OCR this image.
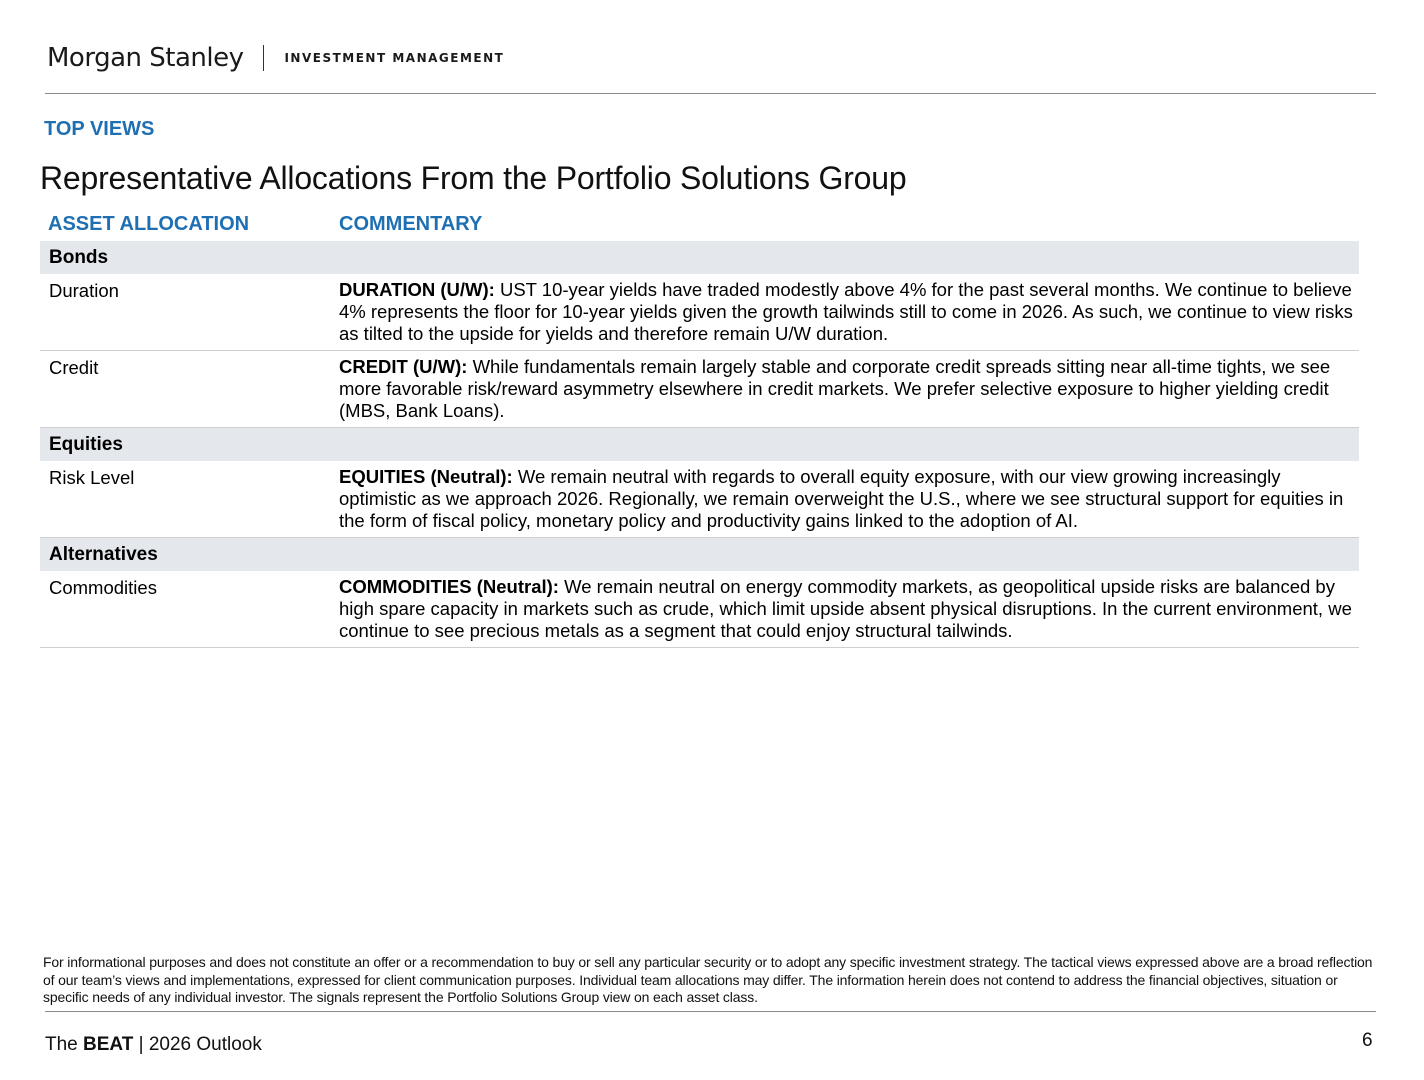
Morgan Stanley	INVESTMENT MANAGEMENT
TOP VIEWS
Representative Allocations From the Portfolio Solutions Group
ASSET ALLOCATION	COMMENTARY
Bonds	
Duration	DURATION (U/W): UST 10-year yields have traded modestly above 4% for the past several months. We continue to believe 4% represents the floor for 10-year yields given the growth tailwinds still to come in 2026. As such, we continue to view risks as tilted to the upside for yields and therefore remain U/W duration.
Credit	CREDIT (U/W): While fundamentals remain largely stable and corporate credit spreads sitting near all-time tights, we see more favorable risk/reward asymmetry elsewhere in credit markets. We prefer selective exposure to higher yielding credit (MBS, Bank Loans).
Equities	
Risk Level	EQUITIES (Neutral): We remain neutral with regards to overall equity exposure, with our view growing increasingly optimistic as we approach 2026. Regionally, we remain overweight the U.S., where we see structural support for equities in the form of fiscal policy, monetary policy and productivity gains linked to the adoption of AI.
Alternatives	
Commodities	COMMODITIES (Neutral): We remain neutral on energy commodity markets, as geopolitical upside risks are balanced by high spare capacity in markets such as crude, which limit upside absent physical disruptions. In the current environment, we continue to see precious metals as a segment that could enjoy structural tailwinds.
For informational purposes and does not constitute an offer or a recommendation to buy or sell any particular security or to adopt any specific investment strategy. The tactical views expressed above are a broad reflection of our team’s views and implementations, expressed for client communication purposes. Individual team allocations may differ. The information herein does not contend to address the financial objectives, situation or specific needs of any individual investor. The signals represent the Portfolio Solutions Group view on each asset class.
The BEAT | 2026 Outlook	6
